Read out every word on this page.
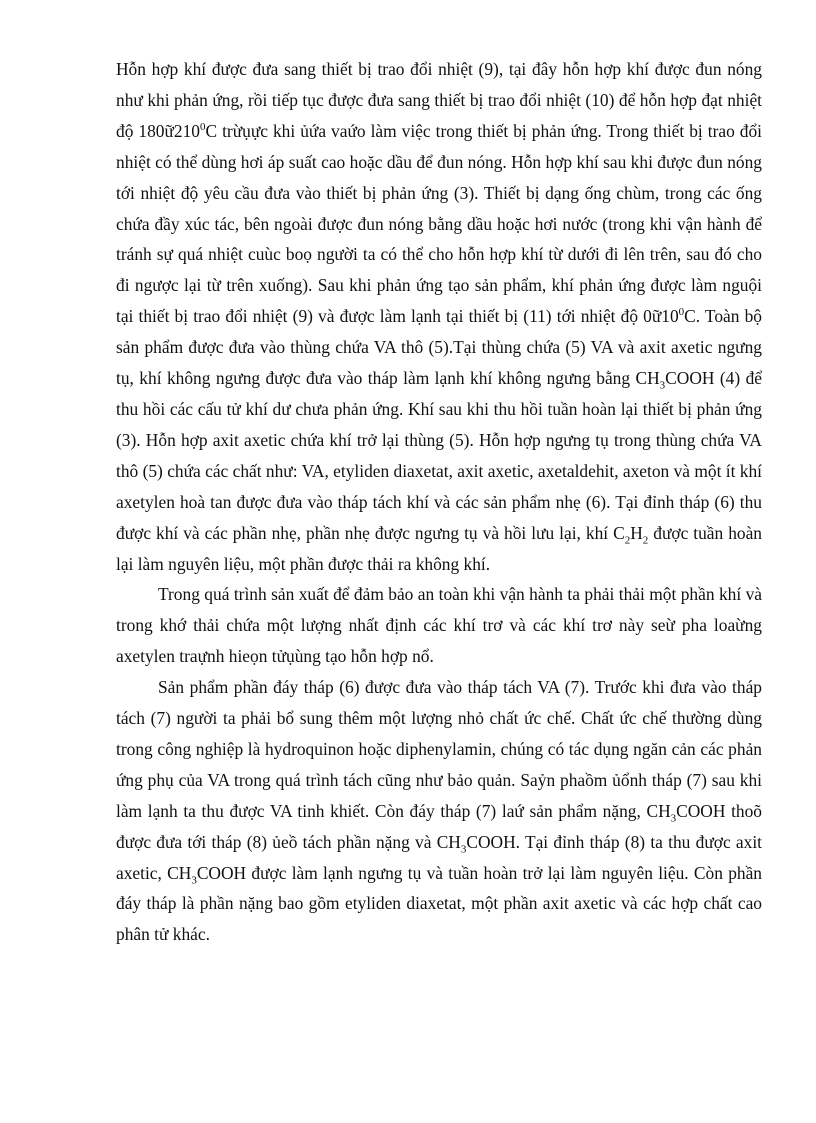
Hỗn hợp khí được đưa sang thiết bị trao đổi nhiệt (9), tại đây hỗn hợp khí được đun nóng như khi phản ứng, rồi tiếp tục được đưa sang thiết bị trao đổi nhiệt (10) để hỗn hợp đạt nhiệt độ $180ữ210^0C$ trừụực khi ủứa vaứo làm việc trong thiết bị phản ứng. Trong thiết bị trao đổi nhiệt có thể dùng hơi áp suất cao hoặc dầu để đun nóng. Hỗn hợp khí sau khi được đun nóng tới nhiệt độ yêu cầu đưa vào thiết bị phản ứng (3). Thiết bị dạng ống chùm, trong các ống chứa đầy xúc tác, bên ngoài được đun nóng bằng dầu hoặc hơi nước (trong khi vận hành để tránh sự quá nhiệt cuùc boọ người ta có thể cho hỗn hợp khí từ dưới đi lên trên, sau đó cho đi ngược lại từ trên xuống). Sau khi phản ứng tạo sản phẩm, khí phản ứng được làm nguội tại thiết bị trao đổi nhiệt (9) và được làm lạnh tại thiết bị (11) tới nhiệt độ $0ữ10^0C$. Toàn bộ sản phẩm được đưa vào thùng chứa VA thô (5).Tại thùng chứa (5) VA và axit axetic ngưng tụ, khí không ngưng được đưa vào tháp làm lạnh khí không ngưng bằng $CH_3COOH$ (4) để thu hồi các cấu tử khí dư chưa phản ứng. Khí sau khi thu hồi tuần hoàn lại thiết bị phản ứng (3). Hỗn hợp axit axetic chứa khí trở lại thùng (5). Hỗn hợp ngưng tụ trong thùng chứa VA thô (5) chứa các chất như: VA, etyliden diaxetat, axit axetic, axetaldehit, axeton và một ít khí axetylen hoà tan được đưa vào tháp tách khí và các sản phẩm nhẹ (6). Tại đỉnh tháp (6) thu được khí và các phần nhẹ, phần nhẹ được ngưng tụ và hồi lưu lại, khí $C_2H_2$ được tuần hoàn lại làm nguyên liệu, một phần được thải ra không khí.

Trong quá trình sản xuất để đảm bảo an toàn khi vận hành ta phải thải một phần khí và trong khớ thải chứa một lượng nhất định các khí trơ và các khí trơ này seừ pha loaừng axetylen traựnh hieọn tửụùng tạo hỗn hợp nổ.

Sản phẩm phần đáy tháp (6) được đưa vào tháp tách VA (7). Trước khi đưa vào tháp tách (7) người ta phải bổ sung thêm một lượng nhỏ chất ức chế. Chất ức chế thường dùng trong công nghiệp là hydroquinon hoặc diphenylamin, chúng có tác dụng ngăn cản các phản ứng phụ của VA trong quá trình tách cũng như bảo quản. Saỷn phaồm ủổnh tháp (7) sau khi làm lạnh ta thu được VA tinh khiết. Còn đáy tháp (7) laứ sản phẩm nặng, $CH_3COOH$ thoõ được đưa tới tháp (8) ủeồ tách phần nặng và $CH_3COOH$. Tại đỉnh tháp (8) ta thu được axit axetic, $CH_3COOH$ được làm lạnh ngưng tụ và tuần hoàn trở lại làm nguyên liệu. Còn phần đáy tháp là phần nặng bao gồm etyliden diaxetat, một phần axit axetic và các hợp chất cao phân tử khác.
